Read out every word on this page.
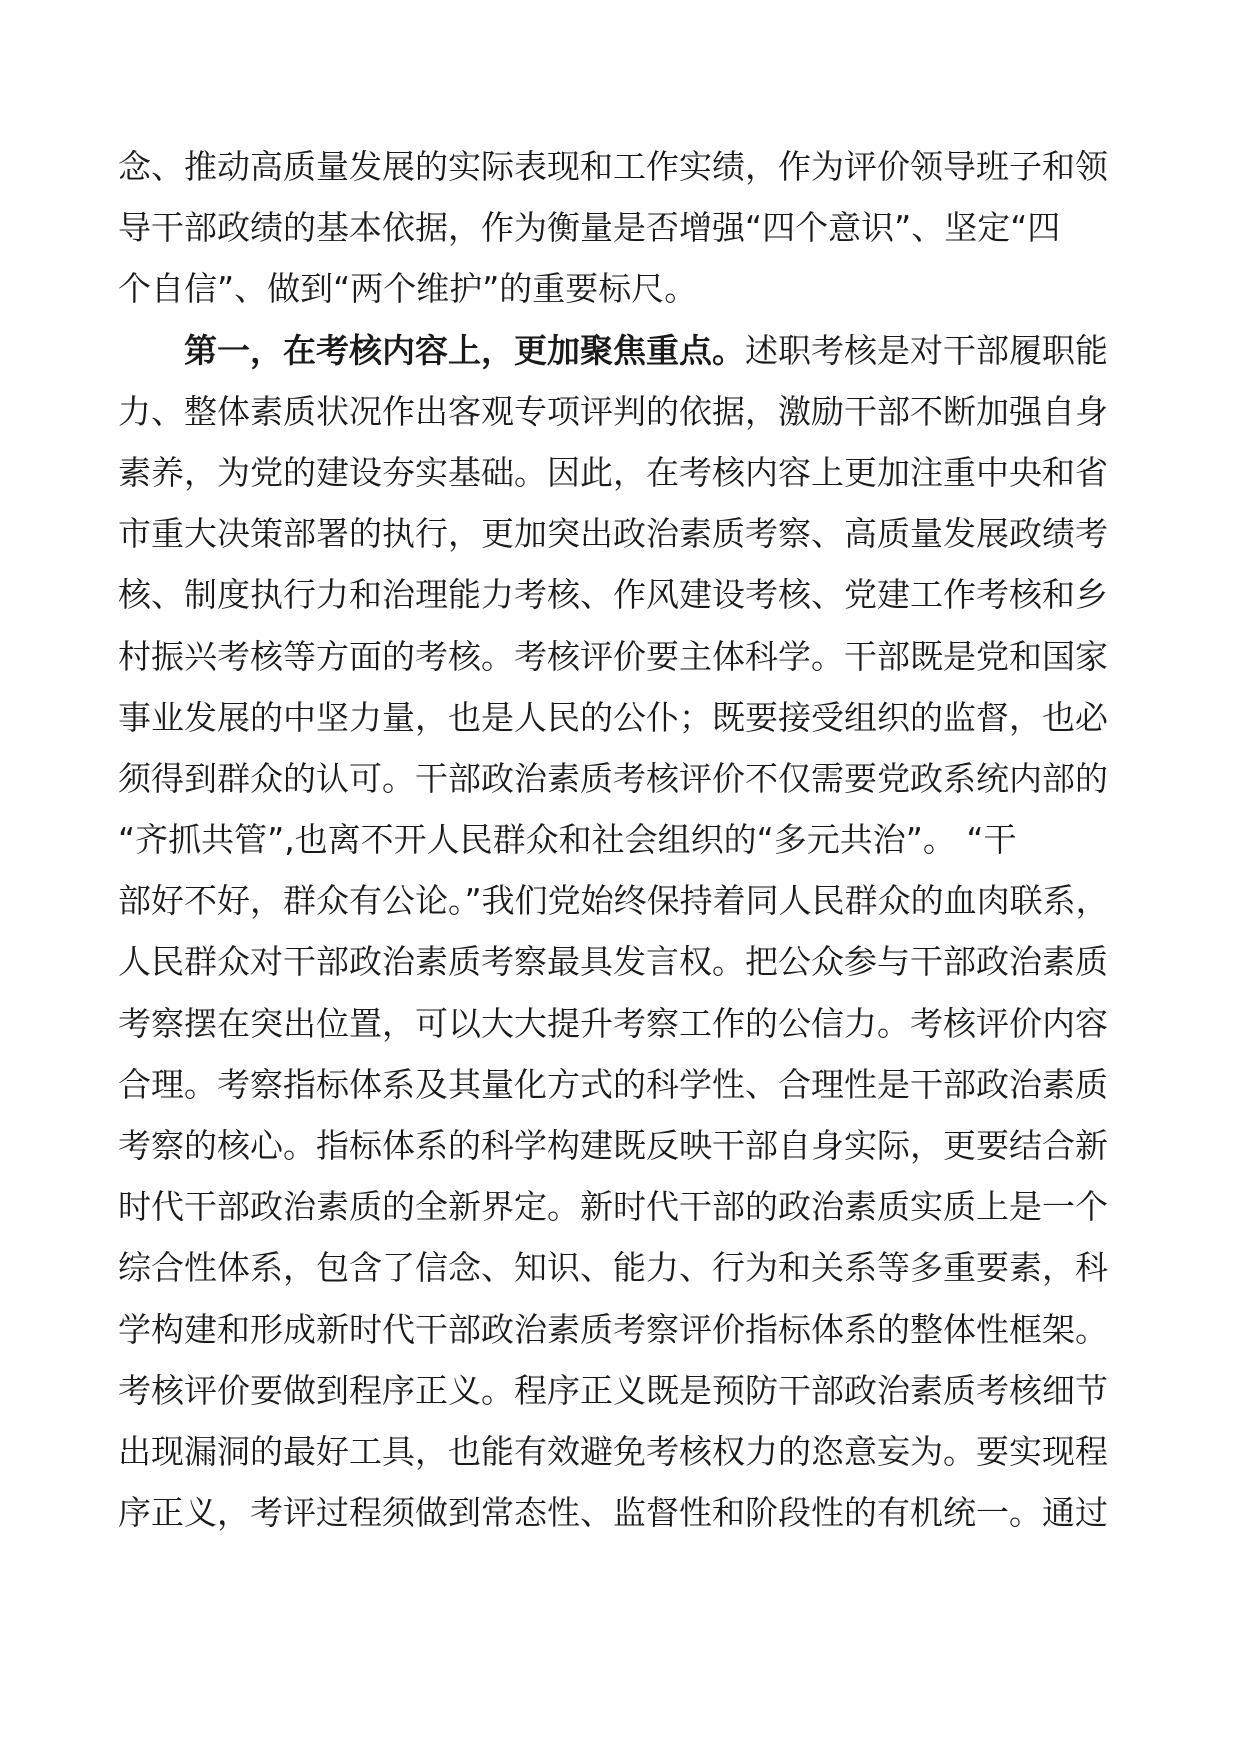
念、推动高质量发展的实际表现和工作实绩，作为评价领导班子和领
导干部政绩的基本依据，作为衡量是否增强“四个意识”、坚定“四
个自信”、做到“两个维护”的重要标尺。
第一，在考核内容上，更加聚焦重点。述职考核是对干部履职能
力、整体素质状况作出客观专项评判的依据，激励干部不断加强自身
素养，为党的建设夯实基础。因此，在考核内容上更加注重中央和省
市重大决策部署的执行，更加突出政治素质考察、高质量发展政绩考
核、制度执行力和治理能力考核、作风建设考核、党建工作考核和乡
村振兴考核等方面的考核。考核评价要主体科学。干部既是党和国家
事业发展的中坚力量，也是人民的公仆；既要接受组织的监督，也必
须得到群众的认可。干部政治素质考核评价不仅需要党政系统内部的
“齐抓共管”,也离不开人民群众和社会组织的“多元共治”。 “干
部好不好，群众有公论。”我们党始终保持着同人民群众的血肉联系，
人民群众对干部政治素质考察最具发言权。把公众参与干部政治素质
考察摆在突出位置，可以大大提升考察工作的公信力。考核评价内容
合理。考察指标体系及其量化方式的科学性、合理性是干部政治素质
考察的核心。指标体系的科学构建既反映干部自身实际，更要结合新
时代干部政治素质的全新界定。新时代干部的政治素质实质上是一个
综合性体系，包含了信念、知识、能力、行为和关系等多重要素，科
学构建和形成新时代干部政治素质考察评价指标体系的整体性框架。
考核评价要做到程序正义。程序正义既是预防干部政治素质考核细节
出现漏洞的最好工具，也能有效避免考核权力的恣意妄为。要实现程
序正义，考评过程须做到常态性、监督性和阶段性的有机统一。通过
